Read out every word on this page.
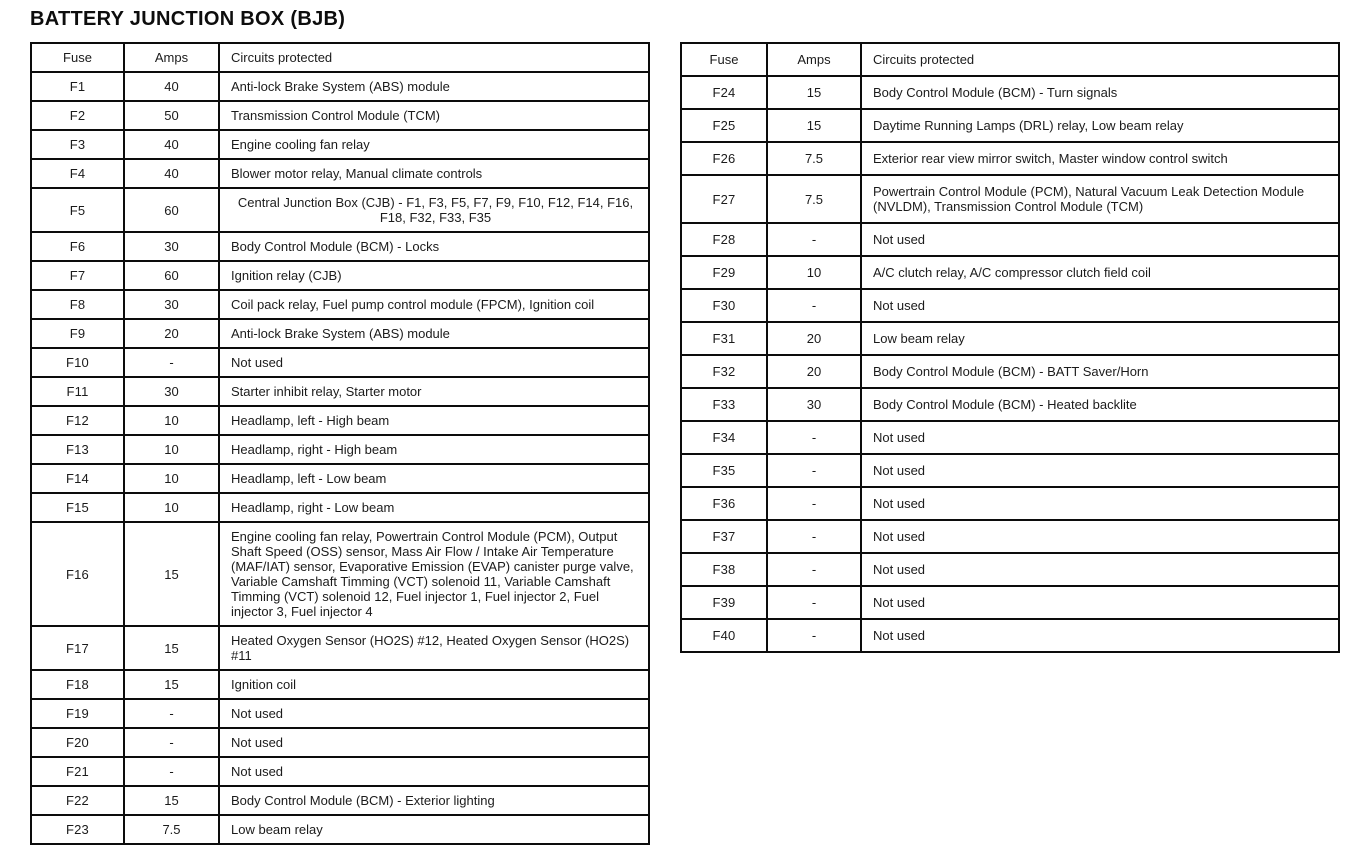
BATTERY JUNCTION BOX (BJB)
Fuse	Amps	Circuits protected
F1	40	Anti-lock Brake System (ABS) module
F2	50	Transmission Control Module (TCM)
F3	40	Engine cooling fan relay
F4	40	Blower motor relay, Manual climate controls
F5	60	Central Junction Box (CJB) - F1, F3, F5, F7, F9, F10, F12, F14, F16, F18, F32, F33, F35
F6	30	Body Control Module (BCM) - Locks
F7	60	Ignition relay (CJB)
F8	30	Coil pack relay, Fuel pump control module (FPCM), Ignition coil
F9	20	Anti-lock Brake System (ABS) module
F10	-	Not used
F11	30	Starter inhibit relay, Starter motor
F12	10	Headlamp, left - High beam
F13	10	Headlamp, right - High beam
F14	10	Headlamp, left - Low beam
F15	10	Headlamp, right - Low beam
F16	15	Engine cooling fan relay, Powertrain Control Module (PCM), Output Shaft Speed (OSS) sensor, Mass Air Flow / Intake Air Temperature (MAF/IAT) sensor, Evaporative Emission (EVAP) canister purge valve, Variable Camshaft Timming (VCT) solenoid 11, Variable Camshaft Timming (VCT) solenoid 12, Fuel injector 1, Fuel injector 2, Fuel injector 3, Fuel injector 4
F17	15	Heated Oxygen Sensor (HO2S) #12, Heated Oxygen Sensor (HO2S) #11
F18	15	Ignition coil
F19	-	Not used
F20	-	Not used
F21	-	Not used
F22	15	Body Control Module (BCM) - Exterior lighting
F23	7.5	Low beam relay
Fuse	Amps	Circuits protected
F24	15	Body Control Module (BCM) - Turn signals
F25	15	Daytime Running Lamps (DRL) relay, Low beam relay
F26	7.5	Exterior rear view mirror switch, Master window control switch
F27	7.5	Powertrain Control Module (PCM), Natural Vacuum Leak Detection Module (NVLDM), Transmission Control Module (TCM)
F28	-	Not used
F29	10	A/C clutch relay, A/C compressor clutch field coil
F30	-	Not used
F31	20	Low beam relay
F32	20	Body Control Module (BCM) - BATT Saver/Horn
F33	30	Body Control Module (BCM) - Heated backlite
F34	-	Not used
F35	-	Not used
F36	-	Not used
F37	-	Not used
F38	-	Not used
F39	-	Not used
F40	-	Not used
